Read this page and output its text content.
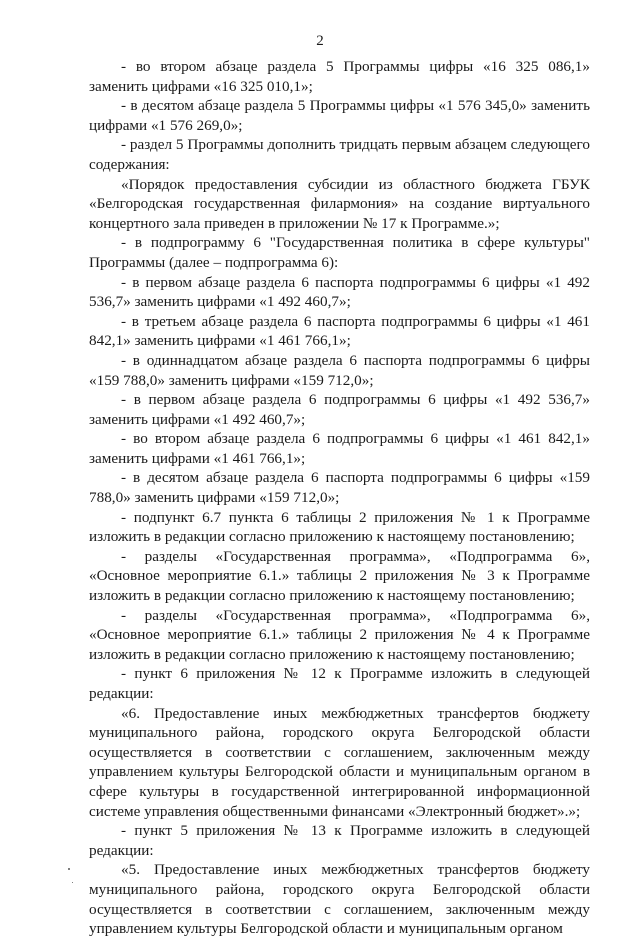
2

- во втором абзаце раздела 5 Программы цифры «16 325 086,1» заменить цифрами «16 325 010,1»;

- в десятом абзаце раздела 5 Программы цифры «1 576 345,0» заменить цифрами «1 576 269,0»;

- раздел 5 Программы дополнить тридцать первым абзацем следующего содержания:

«Порядок предоставления субсидии из областного бюджета ГБУК «Белгородская государственная филармония» на создание виртуального концертного зала приведен в приложении № 17 к Программе.»;

- в подпрограмму 6 "Государственная политика в сфере культуры" Программы (далее – подпрограмма 6):

- в первом абзаце раздела 6 паспорта подпрограммы 6 цифры «1 492 536,7» заменить цифрами «1 492 460,7»;

- в третьем абзаце раздела 6 паспорта подпрограммы 6 цифры «1 461 842,1» заменить цифрами «1 461 766,1»;

- в одиннадцатом абзаце раздела 6 паспорта подпрограммы 6 цифры «159 788,0» заменить цифрами «159 712,0»;

- в первом абзаце раздела 6 подпрограммы 6 цифры «1 492 536,7» заменить цифрами «1 492 460,7»;

- во втором абзаце раздела 6 подпрограммы 6 цифры «1 461 842,1» заменить цифрами «1 461 766,1»;

- в десятом абзаце раздела 6 паспорта подпрограммы 6 цифры «159 788,0» заменить цифрами «159 712,0»;

- подпункт 6.7 пункта 6 таблицы 2 приложения № 1 к Программе изложить в редакции согласно приложению к настоящему постановлению;

- разделы «Государственная программа», «Подпрограмма 6», «Основное мероприятие 6.1.» таблицы 2 приложения № 3 к Программе изложить в редакции согласно приложению к настоящему постановлению;

- разделы «Государственная программа», «Подпрограмма 6», «Основное мероприятие 6.1.» таблицы 2 приложения № 4 к Программе изложить в редакции согласно приложению к настоящему постановлению;

- пункт 6 приложения № 12 к Программе изложить в следующей редакции:

«6. Предоставление иных межбюджетных трансфертов бюджету муниципального района, городского округа Белгородской области осуществляется в соответствии с соглашением, заключенным между управлением культуры Белгородской области и муниципальным органом в сфере культуры в государственной интегрированной информационной системе управления общественными финансами «Электронный бюджет».»;

- пункт 5 приложения № 13 к Программе изложить в следующей редакции:

«5. Предоставление иных межбюджетных трансфертов бюджету муниципального района, городского округа Белгородской области осуществляется в соответствии с соглашением, заключенным между управлением культуры Белгородской области и муниципальным органом
